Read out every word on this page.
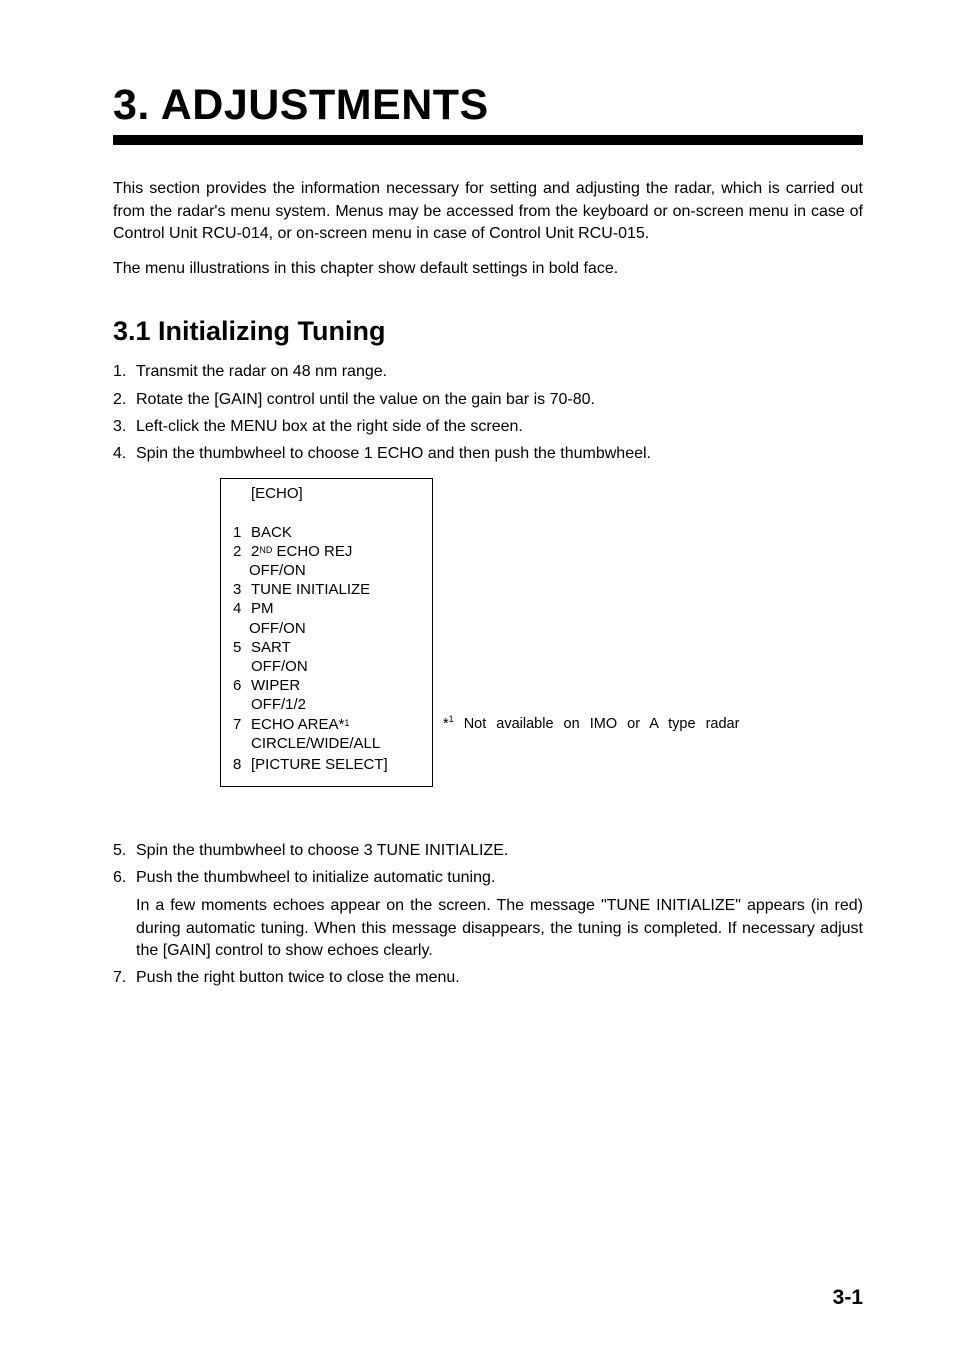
3. ADJUSTMENTS

This section provides the information necessary for setting and adjusting the radar, which is carried out from the radar's menu system. Menus may be accessed from the keyboard or on-screen menu in case of Control Unit RCU-014, or on-screen menu in case of Control Unit RCU-015.

The menu illustrations in this chapter show default settings in bold face.

3.1 Initializing Tuning

1. Transmit the radar on 48 nm range.

2. Rotate the [GAIN] control until the value on the gain bar is 70-80.

3. Left-click the MENU box at the right side of the screen.

4. Spin the thumbwheel to choose 1 ECHO and then push the thumbwheel.

[ECHO]
1 BACK
2 2ND ECHO REJ
OFF/ON
3 TUNE INITIALIZE
4 PM
OFF/ON
5 SART
OFF/ON
6 WIPER
OFF/1/2
7 ECHO AREA*$^1$
CIRCLE/WIDE/ALL
8 [PICTURE SELECT]
*$^1$ Not available on IMO or A type radar

5. Spin the thumbwheel to choose 3 TUNE INITIALIZE.

6. Push the thumbwheel to initialize automatic tuning.

In a few moments echoes appear on the screen. The message "TUNE INITIALIZE" appears (in red) during automatic tuning. When this message disappears, the tuning is completed. If necessary adjust the [GAIN] control to show echoes clearly.

7. Push the right button twice to close the menu.

3-1
